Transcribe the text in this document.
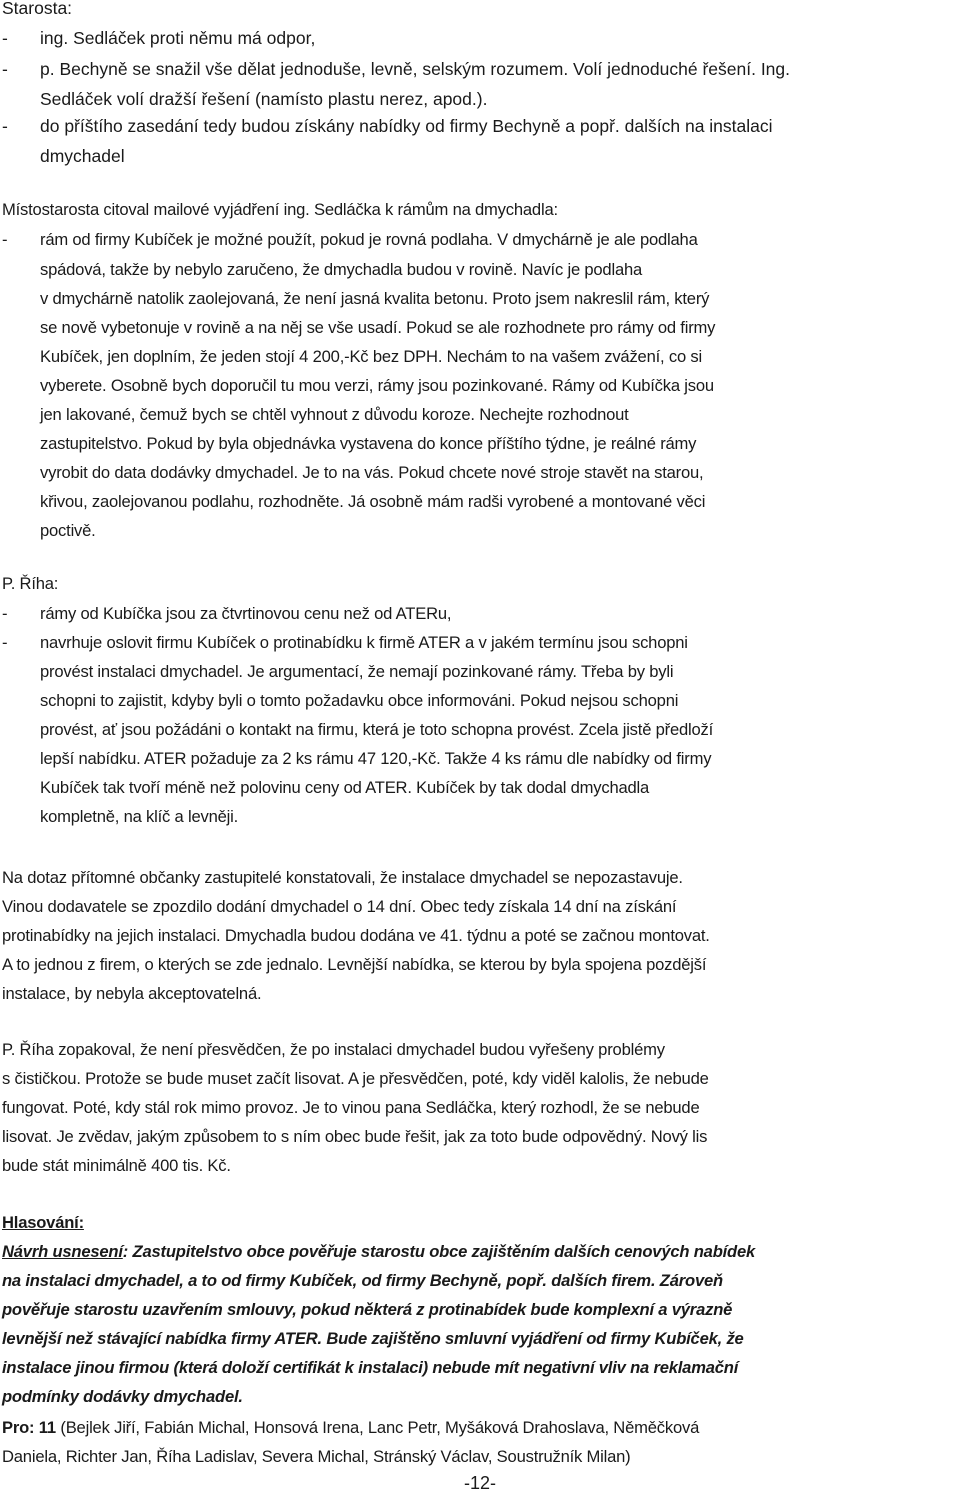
Starosta:
- ing. Sedláček proti němu má odpor,
- p. Bechyně se snažil vše dělat jednoduše, levně, selským rozumem. Volí jednoduché řešení. Ing.
Sedláček volí dražší řešení (namísto plastu nerez, apod.).
- do příštího zasedání tedy budou získány nabídky od firmy Bechyně a popř. dalších na instalaci
dmychadel
Místostarosta citoval mailové vyjádření ing. Sedláčka k rámům na dmychadla:
- rám od firmy Kubíček je možné použít, pokud je rovná podlaha. V dmychárně je ale podlaha
spádová, takže by nebylo zaručeno, že dmychadla budou v rovině. Navíc je podlaha
v dmychárně natolik zaolejovaná, že není jasná kvalita betonu. Proto jsem nakreslil rám, který
se nově vybetonuje v rovině a na něj se vše usadí. Pokud se ale rozhodnete pro rámy od firmy
Kubíček, jen doplním, že jeden stojí 4 200,-Kč bez DPH. Nechám to na vašem zvážení, co si
vyberete. Osobně bych doporučil tu mou verzi, rámy jsou pozinkované. Rámy od Kubíčka jsou
jen lakované, čemuž bych se chtěl vyhnout z důvodu koroze. Nechejte rozhodnout
zastupitelstvo. Pokud by byla objednávka vystavena do konce příštího týdne, je reálné rámy
vyrobit do data dodávky dmychadel. Je to na vás. Pokud chcete nové stroje stavět na starou,
křivou, zaolejovanou podlahu, rozhodněte. Já osobně mám radši vyrobené a montované věci
poctivě.
P. Říha:
- rámy od Kubíčka jsou za čtvrtinovou cenu než od ATERu,
- navrhuje oslovit firmu Kubíček o protinabídku k firmě ATER a v jakém termínu jsou schopni
provést instalaci dmychadel. Je argumentací, že nemají pozinkované rámy. Třeba by byli
schopni to zajistit, kdyby byli o tomto požadavku obce informováni. Pokud nejsou schopni
provést, ať jsou požádáni o kontakt na firmu, která je toto schopna provést. Zcela jistě předloží
lepší nabídku. ATER požaduje za 2 ks rámu 47 120,-Kč. Takže 4 ks rámu dle nabídky od firmy
Kubíček tak tvoří méně než polovinu ceny od ATER. Kubíček by tak dodal dmychadla
kompletně, na klíč a levněji.
Na dotaz přítomné občanky zastupitelé konstatovali, že instalace dmychadel se nepozastavuje.
Vinou dodavatele se zpozdilo dodání dmychadel o 14 dní. Obec tedy získala 14 dní na získání
protinabídky na jejich instalaci. Dmychadla budou dodána ve 41. týdnu a poté se začnou montovat.
A to jednou z firem, o kterých se zde jednalo. Levnější nabídka, se kterou by byla spojena pozdější
instalace, by nebyla akceptovatelná.
P. Říha zopakoval, že není přesvědčen, že po instalaci dmychadel budou vyřešeny problémy
s čističkou. Protože se bude muset začít lisovat. A je přesvědčen, poté, kdy viděl kalolis, že nebude
fungovat. Poté, kdy stál rok mimo provoz. Je to vinou pana Sedláčka, který rozhodl, že se nebude
lisovat. Je zvědav, jakým způsobem to s ním obec bude řešit, jak za toto bude odpovědný. Nový lis
bude stát minimálně 400 tis. Kč.
Hlasování:
Návrh usnesení: Zastupitelstvo obce pověřuje starostu obce zajištěním dalších cenových nabídek
na instalaci dmychadel, a to od firmy Kubíček, od firmy Bechyně, popř. dalších firem. Zároveň
pověřuje starostu uzavřením smlouvy, pokud některá z protinabídek bude komplexní a výrazně
levnější než stávající nabídka firmy ATER. Bude zajištěno smluvní vyjádření od firmy Kubíček, že
instalace jinou firmou (která doloží certifikát k instalaci) nebude mít negativní vliv na reklamační
podmínky dodávky dmychadel.
Pro: 11 (Bejlek Jiří, Fabián Michal, Honsová Irena, Lanc Petr, Myšáková Drahoslava, Něměčková
Daniela, Richter Jan, Říha Ladislav, Severa Michal, Stránský Václav, Soustružník Milan)
-12-
